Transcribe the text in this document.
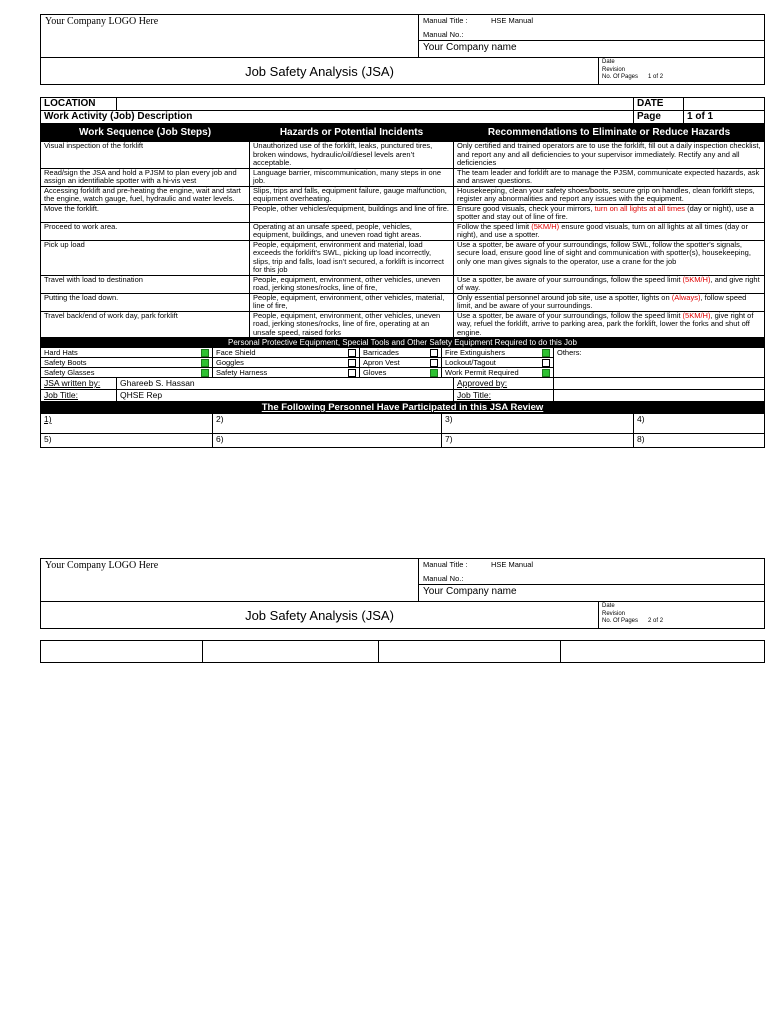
Your Company LOGO Here	Manual Title : HSE Manual	
	Manual No.:	
	Your Company name	
Job Safety Analysis (JSA)		Date
Revision
No. Of Pages 1 of 2
LOCATION								DATE	
Work Activity (Job) Description								Page	1 of 1
Work Sequence (Job Steps)			Hazards or Potential Incidents			Recommendations to Eliminate or Reduce Hazards			
Visual inspection of the forklift			Unauthorized use of the forklift, leaks, punctured tires, broken windows, hydraulic/oil/diesel levels aren’t acceptable.			Only certified and trained operators are to use the forklift, fill out a daily inspection checklist, and report any and all deficiencies to your supervisor immediately. Rectify any and all deficiencies			
Read/sign the JSA and hold a PJSM to plan every job and assign an identifiable spotter with a hi-vis vest			Language barrier, miscommunication, many steps in one job.			The team leader and forklift are to manage the PJSM, communicate expected hazards, ask and answer questions.			
Accessing forklift and pre-heating the engine, wait and start the engine, watch gauge, fuel, hydraulic and water levels.			Slips, trips and falls, equipment failure, gauge malfunction, equipment overheating.			Housekeeping, clean your safety shoes/boots, secure grip on handles, clean forklift steps, register any abnormalities and report any issues with the equipment.			
Move the forklift.			People, other vehicles/equipment, buildings and line of fire.			Ensure good visuals, check your mirrors, turn on all lights at all times (day or night), use a spotter and stay out of line of fire.			
Proceed to work area.			Operating at an unsafe speed, people, vehicles, equipment, buildings, and uneven road tight areas.			Follow the speed limit (5KM/H) ensure good visuals, turn on all lights at all times (day or night), and use a spotter.			
Pick up load			People, equipment, environment and material, load exceeds the forklift's SWL, picking up load incorrectly, slips, trip and falls, load isn’t secured, a forklift is incorrect for this job			Use a spotter, be aware of your surroundings, follow SWL, follow the spotter's signals, secure load, ensure good line of sight and communication with spotter(s), housekeeping, only one man gives signals to the operator, use a crane for the job			
Travel with load to destination			People, equipment, environment, other vehicles, uneven road, jerking stones/rocks, line of fire,			Use a spotter, be aware of your surroundings, follow the speed limit (5KM/H), and give right of way.			
Putting the load down.			People, equipment, environment, other vehicles, material, line of fire,			Only essential personnel around job site, use a spotter, lights on (Always), follow speed limit, and be aware of your surroundings.			
Travel back/end of work day, park forklift			People, equipment, environment, other vehicles, uneven road, jerking stones/rocks, line of fire, operating at an unsafe speed, raised forks			Use a spotter, be aware of your surroundings, follow the speed limit (5KM/H), give right of way, refuel the forklift, arrive to parking area, park the forklift, lower the forks and shut off engine.			
Personal Protective Equipment, Special Tools and Other Safety Equipment Required to do this Job									
Hard Hats		Face Shield		Barricades	Fire Extinguishers		Others:		
Safety Boots		Goggles		Apron Vest	Lockout/Tagout				

Safety Glasses		Safety Harness		Gloves	Work Permit Required				

JSA written by:	Ghareeb S. Hassan					Approved by:			
Job Title:	QHSE Rep					Job Title:			
The Following Personnel Have Participated in this JSA Review									
1)		2)			3)			4)	
5)		6)			7)			8)	
Your Company LOGO Here	Manual Title : HSE Manual	
	Manual No.:	
	Your Company name	
Job Safety Analysis (JSA)		Date
Revision
No. Of Pages 2 of 2
